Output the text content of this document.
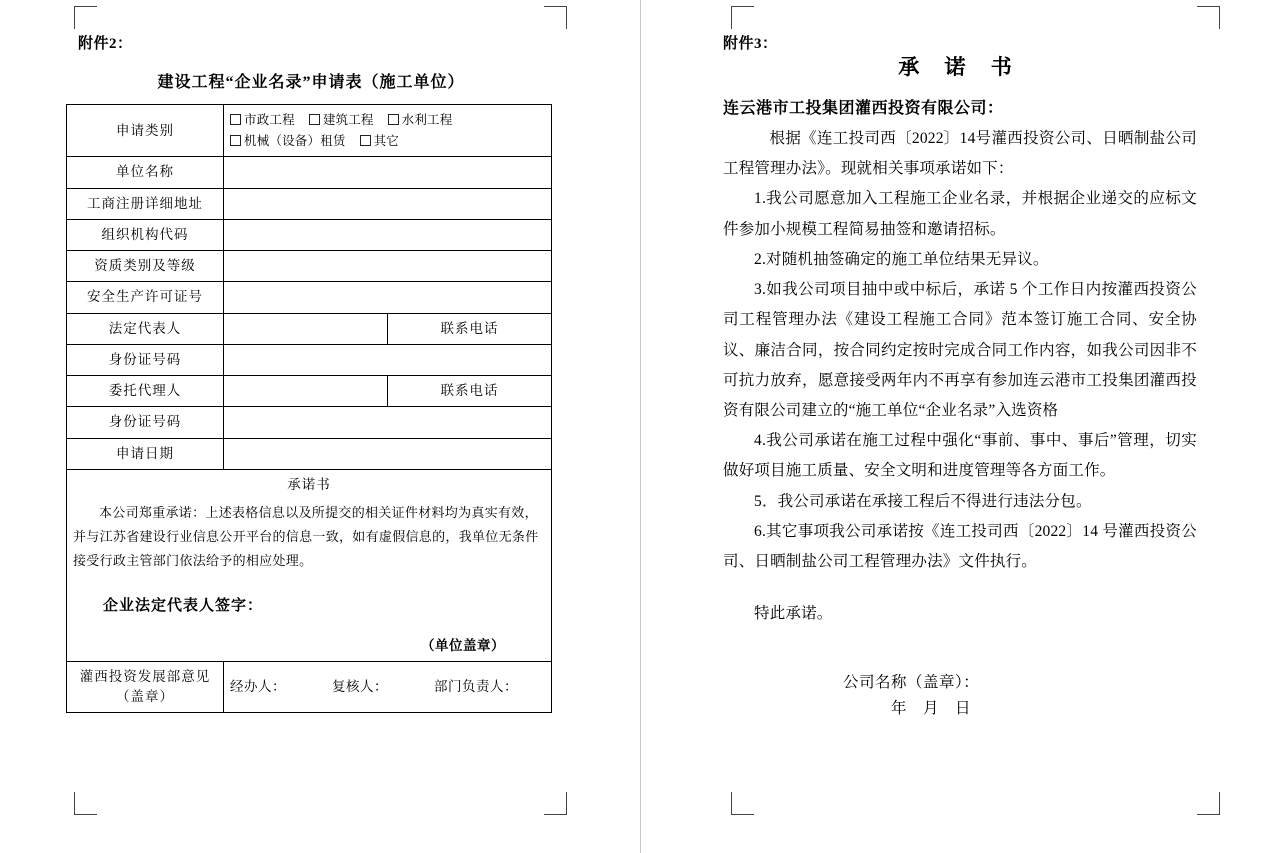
附件2：
建设工程“企业名录”申请表（施工单位）
申请类别	市政工程 建筑工程 水利工程
机械（设备）租赁 其它	

单位名称		
工商注册详细地址		
组织机构代码		
资质类别及等级		
安全生产许可证号		
法定代表人		联系电话
身份证号码		
委托代理人		联系电话
身份证号码		
申请日期		

承诺书
本公司郑重承诺：上述表格信息以及所提交的相关证件材料均为真实有效，并与江苏省建设行业信息公开平台的信息一致，如有虚假信息的，我单位无条件接受行政主管部门依法给予的相应处理。
企业法定代表人签字：
（单位盖章）		

灌西投资发展部意见（盖章）	经办人： 复核人： 部门负责人：	
附件3：
承 诺 书
连云港市工投集团灌西投资有限公司：
根据《连工投司西〔2022〕14号灌西投资公司、日晒制盐公司工程管理办法》。现就相关事项承诺如下：
1.我公司愿意加入工程施工企业名录，并根据企业递交的应标文件参加小规模工程简易抽签和邀请招标。
2.对随机抽签确定的施工单位结果无异议。
3.如我公司项目抽中或中标后，承诺 5 个工作日内按灌西投资公司工程管理办法《建设工程施工合同》范本签订施工合同、安全协议、廉洁合同，按合同约定按时完成合同工作内容，如我公司因非不可抗力放弃，愿意接受两年内不再享有参加连云港市工投集团灌西投资有限公司建立的“施工单位“企业名录”入选资格
4.我公司承诺在施工过程中强化“事前、事中、事后”管理，切实做好项目施工质量、安全文明和进度管理等各方面工作。
5．我公司承诺在承接工程后不得进行违法分包。
6.其它事项我公司承诺按《连工投司西〔2022〕14 号灌西投资公司、日晒制盐公司工程管理办法》文件执行。
特此承诺。
公司名称（盖章）：
年　月　日
